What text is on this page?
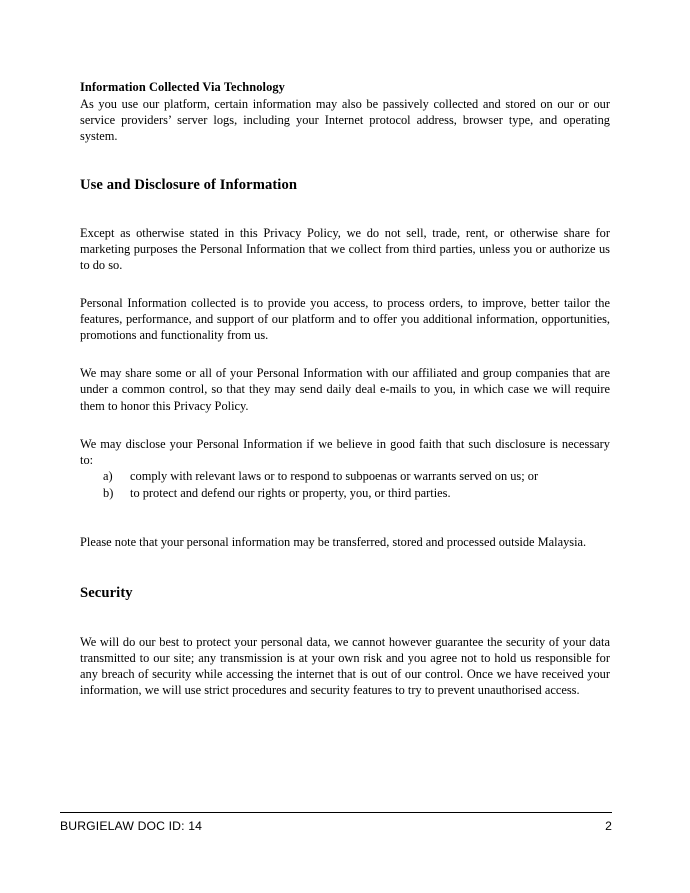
Information Collected Via Technology

As you use our platform, certain information may also be passively collected and stored on our or our service providers’ server logs, including your Internet protocol address, browser type, and operating system.

Use and Disclosure of Information

Except as otherwise stated in this Privacy Policy, we do not sell, trade, rent, or otherwise share for marketing purposes the Personal Information that we collect from third parties, unless you or authorize us to do so.

Personal Information collected is to provide you access, to process orders, to improve, better tailor the features, performance, and support of our platform and to offer you additional information, opportunities, promotions and functionality from us.

We may share some or all of your Personal Information with our affiliated and group companies that are under a common control, so that they may send daily deal e-mails to you, in which case we will require them to honor this Privacy Policy.

We may disclose your Personal Information if we believe in good faith that such disclosure is necessary to:

a) comply with relevant laws or to respond to subpoenas or warrants served on us; or
b) to protect and defend our rights or property, you, or third parties.

Please note that your personal information may be transferred, stored and processed outside Malaysia.

Security

We will do our best to protect your personal data, we cannot however guarantee the security of your data transmitted to our site; any transmission is at your own risk and you agree not to hold us responsible for any breach of security while accessing the internet that is out of our control. Once we have received your information, we will use strict procedures and security features to try to prevent unauthorised access.

BURGIELAW DOC ID: 14	2
